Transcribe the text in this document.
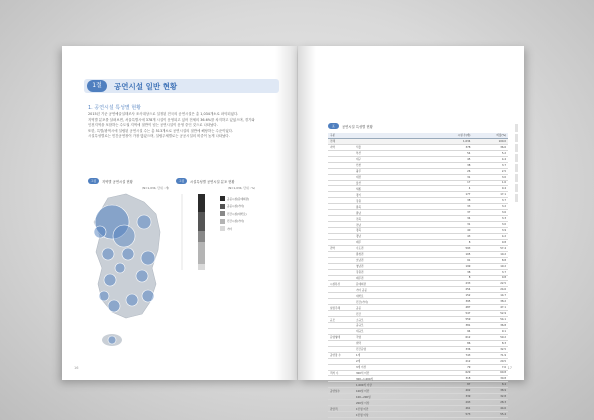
1절	공연시설 일반 현황
1. 공연시설 특성별 현황
2015년 기준 공연예술실태조사 조사대상으로 설정된 전국의 공연시설은 총 1,034개소로 파악되었다.
지역별 분포를 살펴보면, 서울특별시에 378개 시설이 운영되고 있어 전체의 36.6%를 차지하고 있었으며, 경기와
인천지역을 포함하는 수도권 지역에 절반이 넘는 공연시설이 운영 중인 것으로 나타났다.
또한, 특별/광역시에 설립된 공연시설 수는 총 513개소로 공연시설의 절반에 해당하는 수준이었다.
시설특성별로는 민간공연장이 가장 많았으며, 설립주체별로는 공공시설의 비중이 높게 나타났다.
그림	지역별 공연시설 현황
(N=1,034, 단위 : 개)
그림	시설특성별 공연시설 분포 현황
(N=1,034, 단위 : %)
공공시설(문예회관)
공공시설(기타)
민간시설(대학로)
민간시설(기타)
기타
16
표	공연시설 특성별 현황
구분		시설 수(개)	비율(%)
전체		1,034	100.0
지역	서울	378	36.6
	부산	54	5.2
	대구	45	4.4
	인천	38	3.7
	광주	26	2.5
	대전	31	3.0
	울산	17	1.6
	세종	4	0.4
	경기	177	17.1
	강원	38	3.7
	충북	33	3.2
	충남	37	3.6
	전북	34	3.3
	전남	31	3.0
	경북	40	3.9
	경남	43	4.2
	제주	8	0.8
권역	수도권	593	57.4
	충청권	105	10.2
	호남권	91	8.8
	영남권	199	19.2
	강원권	38	3.7
	제주권	8	0.8
시설특성	문예회관	233	22.5
	기타 공공	254	24.6
	대학로	152	14.7
	민간(기타)	395	38.2
설립주체	공공	487	47.1
	민간	547	52.9
규모	소규모	559	54.1
	중규모	381	36.8
	대규모	94	9.1
운영형태	직영	612	59.2
	위탁	86	8.3
	민간운영	336	32.5
공연장 수	1개	743	71.9
	2개	212	20.5
	3개 이상	79	7.6
객석 수	300석 미만	629	60.8
	300~1,000석	318	30.8
	1,000석 이상	87	8.4
공연일수	100일 미만	402	38.9
	100~200일	339	32.8
	200일 이상	293	28.3
관람객	1만명 미만	461	44.6
	1만명 이상	573	55.4
17
